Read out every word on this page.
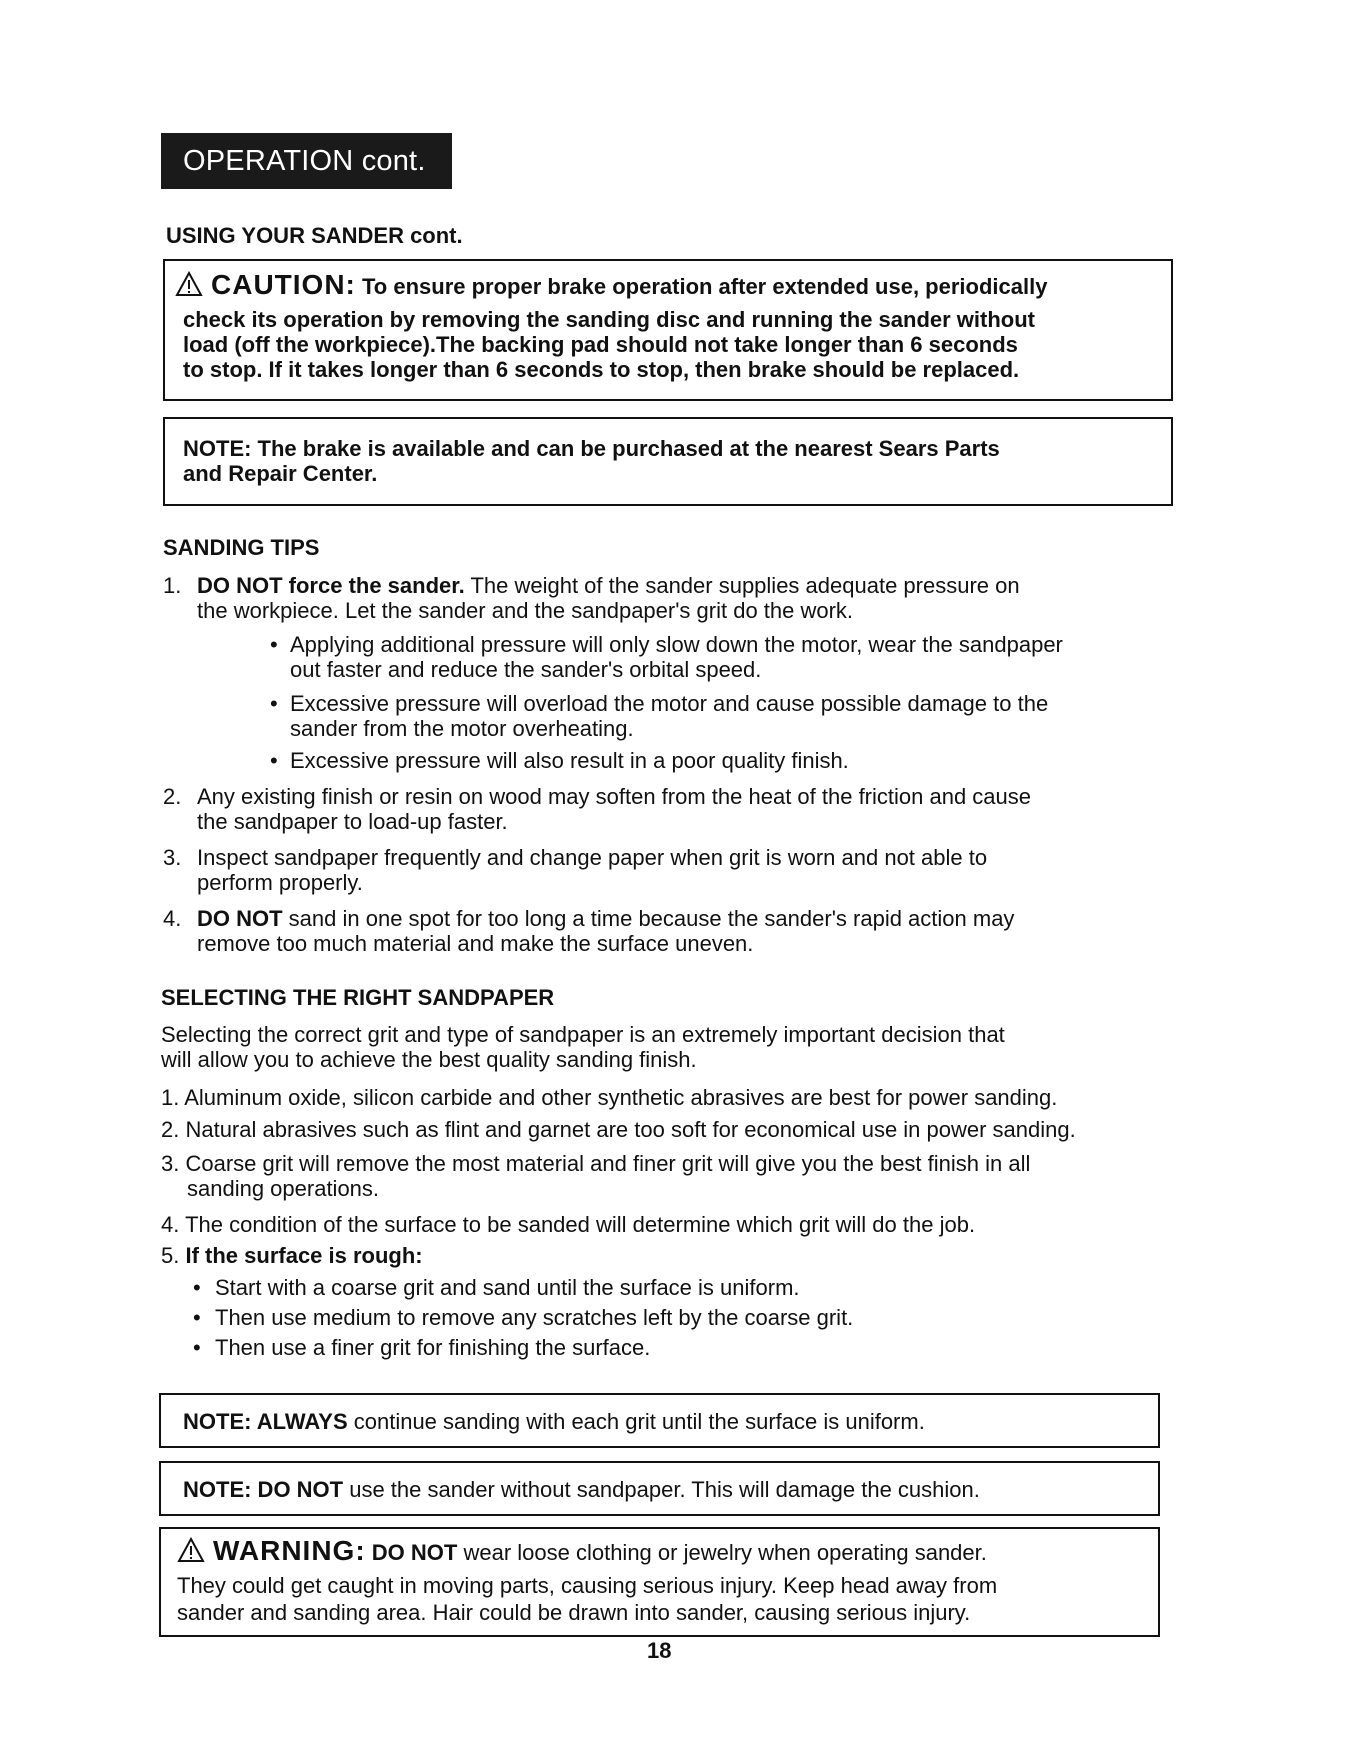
OPERATION cont.
USING YOUR SANDER cont.
CAUTION: To ensure proper brake operation after extended use, periodically
check its operation by removing the sanding disc and running the sander without
load (off the workpiece).The backing pad should not take longer than 6 seconds
to stop. If it takes longer than 6 seconds to stop, then brake should be replaced.
NOTE: The brake is available and can be purchased at the nearest Sears Parts
and Repair Center.
SANDING TIPS
1. DO NOT force the sander. The weight of the sander supplies adequate pressure on
the workpiece. Let the sander and the sandpaper's grit do the work.
• Applying additional pressure will only slow down the motor, wear the sandpaper
out faster and reduce the sander's orbital speed.
• Excessive pressure will overload the motor and cause possible damage to the
sander from the motor overheating.
• Excessive pressure will also result in a poor quality finish.
2. Any existing finish or resin on wood may soften from the heat of the friction and cause
the sandpaper to load-up faster.
3. Inspect sandpaper frequently and change paper when grit is worn and not able to
perform properly.
4. DO NOT sand in one spot for too long a time because the sander's rapid action may
remove too much material and make the surface uneven.
SELECTING THE RIGHT SANDPAPER
Selecting the correct grit and type of sandpaper is an extremely important decision that
will allow you to achieve the best quality sanding finish.
1. Aluminum oxide, silicon carbide and other synthetic abrasives are best for power sanding.
2. Natural abrasives such as flint and garnet are too soft for economical use in power sanding.
3. Coarse grit will remove the most material and finer grit will give you the best finish in all
sanding operations.
4. The condition of the surface to be sanded will determine which grit will do the job.
5. If the surface is rough:
• Start with a coarse grit and sand until the surface is uniform.
• Then use medium to remove any scratches left by the coarse grit.
• Then use a finer grit for finishing the surface.
NOTE: ALWAYS continue sanding with each grit until the surface is uniform.
NOTE: DO NOT use the sander without sandpaper. This will damage the cushion.
WARNING: DO NOT wear loose clothing or jewelry when operating sander.
They could get caught in moving parts, causing serious injury. Keep head away from
sander and sanding area. Hair could be drawn into sander, causing serious injury.
18
